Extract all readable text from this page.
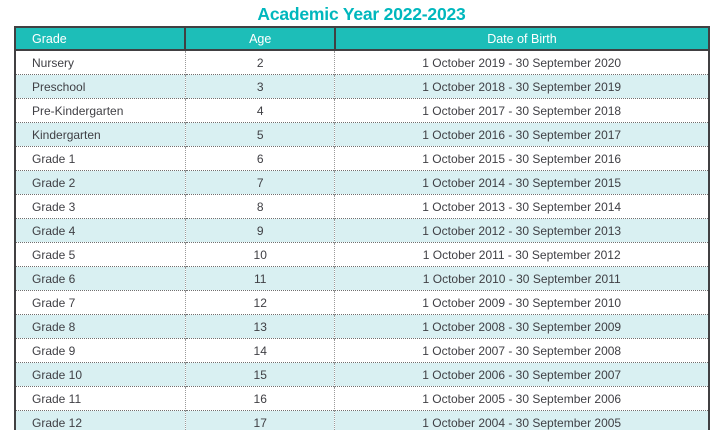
Academic Year 2022-2023
Grade	Age	Date of Birth
Nursery	2	1 October 2019 - 30 September 2020
Preschool	3	1 October 2018 - 30 September 2019
Pre-Kindergarten	4	1 October 2017 - 30 September 2018
Kindergarten	5	1 October 2016 - 30 September 2017
Grade 1	6	1 October 2015 - 30 September 2016
Grade 2	7	1 October 2014 - 30 September 2015
Grade 3	8	1 October 2013 - 30 September 2014
Grade 4	9	1 October 2012 - 30 September 2013
Grade 5	10	1 October 2011 - 30 September 2012
Grade 6	11	1 October 2010 - 30 September 2011
Grade 7	12	1 October 2009 - 30 September 2010
Grade 8	13	1 October 2008 - 30 September 2009
Grade 9	14	1 October 2007 - 30 September 2008
Grade 10	15	1 October 2006 - 30 September 2007
Grade 11	16	1 October 2005 - 30 September 2006
Grade 12	17	1 October 2004 - 30 September 2005
